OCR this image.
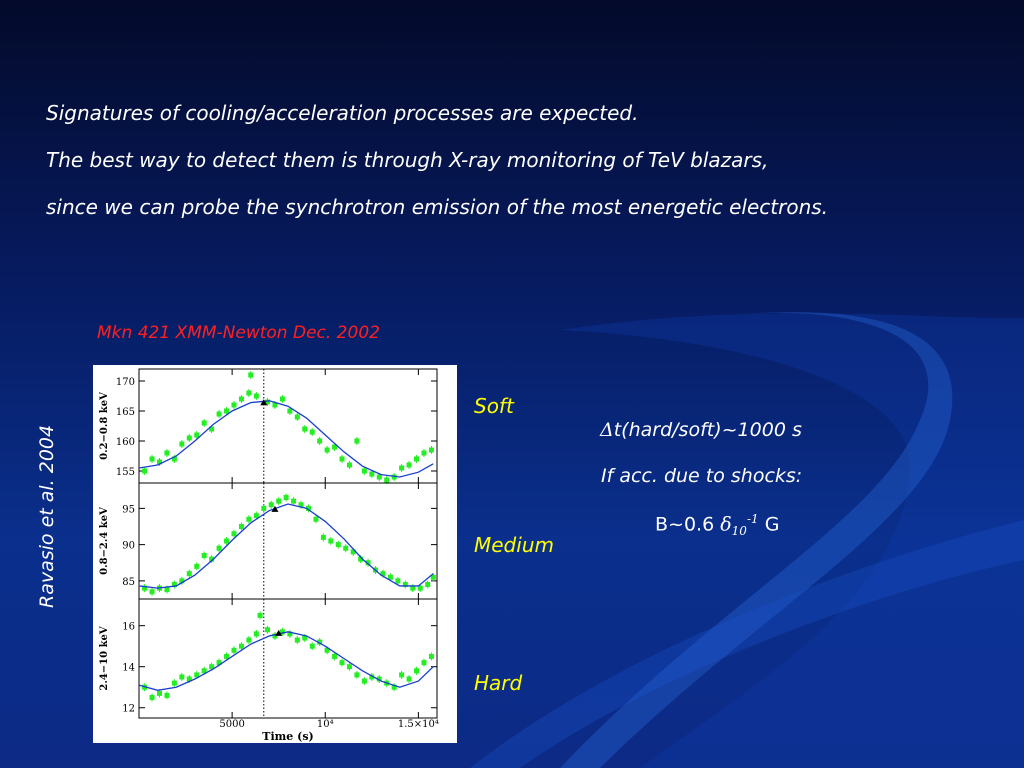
Signatures of cooling/acceleration processes are expected.
The best way to detect them is through X-ray monitoring of TeV blazars,
since we can probe the synchrotron emission of the most energetic electrons.
Mkn 421 XMM-Newton Dec. 2002
Ravasio et al. 2004	155
160
165
170
0.2−0.8 keV
85
90
95
0.8−2.4 keV
12
14
16
2.4−10 keV
5000	10⁴	1.5×10⁴
Time (s)
Soft
Medium
Hard
Δt(hard/soft)~1000 s
If acc. due to shocks:
B~0.6 $\delta_{10}^{-1}$ G
